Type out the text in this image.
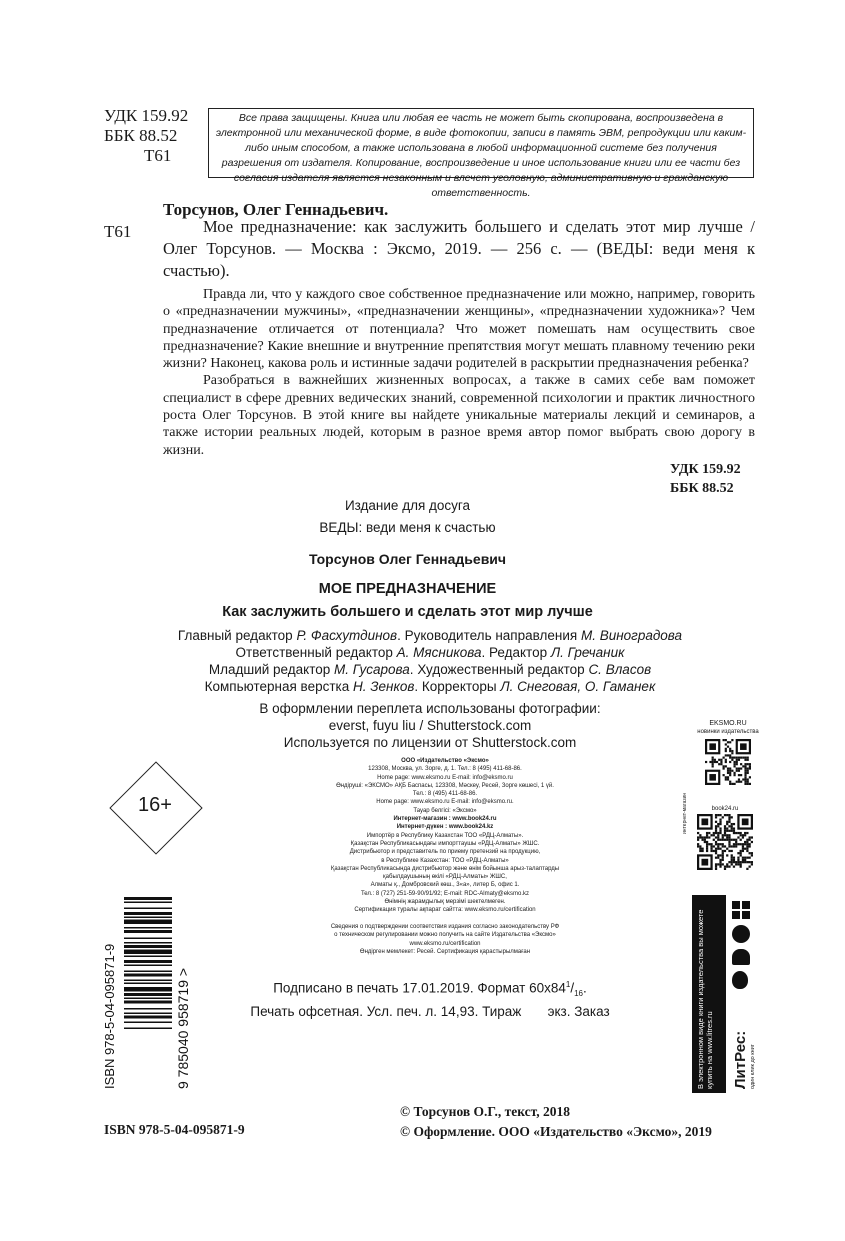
УДК 159.92
ББК 88.52
Т61
Все права защищены. Книга или любая ее часть не может быть скопирована, воспроизведена в электронной или механической форме, в виде фотокопии, записи в память ЭВМ, репродукции или каким-либо иным способом, а также использована в любой информационной системе без получения разрешения от издателя. Копирование, воспроизведение и иное использование книги или ее части без согласия издателя является незаконным и влечет уголовную, административную и гражданскую ответственность.
Торсунов, Олег Геннадьевич.
Т61	Мое предназначение: как заслужить большего и сделать этот мир лучше / Олег Торсунов. — Москва : Эксмо, 2019. — 256 с. — (ВЕДЫ: веди меня к счастью).

Правда ли, что у каждого свое собственное предназначение или можно, например, говорить о «предназначении мужчины», «предназначении женщины», «предназначении художника»? Чем предназначение отличается от потенциала? Что может помешать нам осуществить свое предназначение? Какие внешние и внутренние препятствия могут мешать плавному течению реки жизни? Наконец, какова роль и истинные задачи родителей в раскрытии предназначения ребенка?

Разобраться в важнейших жизненных вопросах, а также в самих себе вам поможет специалист в сфере древних ведических знаний, современной психологии и практик личностного роста Олег Торсунов. В этой книге вы найдете уникальные материалы лекций и семинаров, а также истории реальных людей, которым в разное время автор помог выбрать свою дорогу в жизни.

УДК 159.92
ББК 88.52
Издание для досуга
ВЕДЫ: веди меня к счастью
Торсунов Олег Геннадьевич
МОЕ ПРЕДНАЗНАЧЕНИЕ
Как заслужить большего и сделать этот мир лучше
Главный редактор Р. Фасхутдинов. Руководитель направления М. Виноградова
Ответственный редактор А. Мясникова. Редактор Л. Гречаник
Младший редактор М. Гусарова. Художественный редактор С. Власов
Компьютерная верстка Н. Зенков. Корректоры Л. Снеговая, О. Гаманек
В оформлении переплета использованы фотографии:
everst, fuyu liu / Shutterstock.com
Используется по лицензии от Shutterstock.com
16+
ООО «Издательство «Эксмо»
123308, Москва, ул. Зорге, д. 1. Тел.: 8 (495) 411-68-86.
Home page: www.eksmo.ru E-mail: info@eksmo.ru
Өндіруші: «ЭКСМО» АҚБ Баспасы, 123308, Мәскеу, Ресей, Зорге көшесі, 1 үй.
Тел.: 8 (495) 411-68-86.
Home page: www.eksmo.ru E-mail: info@eksmo.ru.
Тауар белгісі: «Эксмо»
Интернет-магазин : www.book24.ru
Интернет-дүкен : www.book24.kz
Импортёр в Республику Казахстан ТОО «РДЦ-Алматы».
Қазақстан Республикасындағы импорттаушы «РДЦ-Алматы» ЖШС.
Дистрибьютор и представитель по приему претензий на продукцию,
в Республике Казахстан: ТОО «РДЦ-Алматы»
Қазақстан Республикасында дистрибьютор және өнім бойынша арыз-талаптарды
қабылдаушының өкілі «РДЦ-Алматы» ЖШС,
Алматы қ., Домбровский көш., 3«а», литер Б, офис 1.
Тел.: 8 (727) 251-59-90/91/92; E-mail: RDC-Almaty@eksmo.kz
Өнімнің жарамдылық мерзімі шектелмеген.
Сертификация туралы ақпарат сайтта: www.eksmo.ru/certification

Сведения о подтверждении соответствия издания согласно законодательству РФ
о техническом регулировании можно получить на сайте Издательства «Эксмо»
www.eksmo.ru/certification
Өндірген мемлекет: Ресей. Сертификация қарастырылмаған
Подписано в печать 17.01.2019. Формат $60x84^1/_{16}$.
Печать офсетная. Усл. печ. л. 14,93. Тираж       экз. Заказ
ISBN 978-5-04-095871-9	9 785040 958719 >
EKSMO.RU
новинки издательства
book24.ru
интернет-магазин
В электронном виде книги издательства вы можете купить на www.litres.ru ЛитРес: один клик до книг
© Торсунов О.Г., текст, 2018
© Оформление. ООО «Издательство «Эксмо», 2019
ISBN 978-5-04-095871-9
